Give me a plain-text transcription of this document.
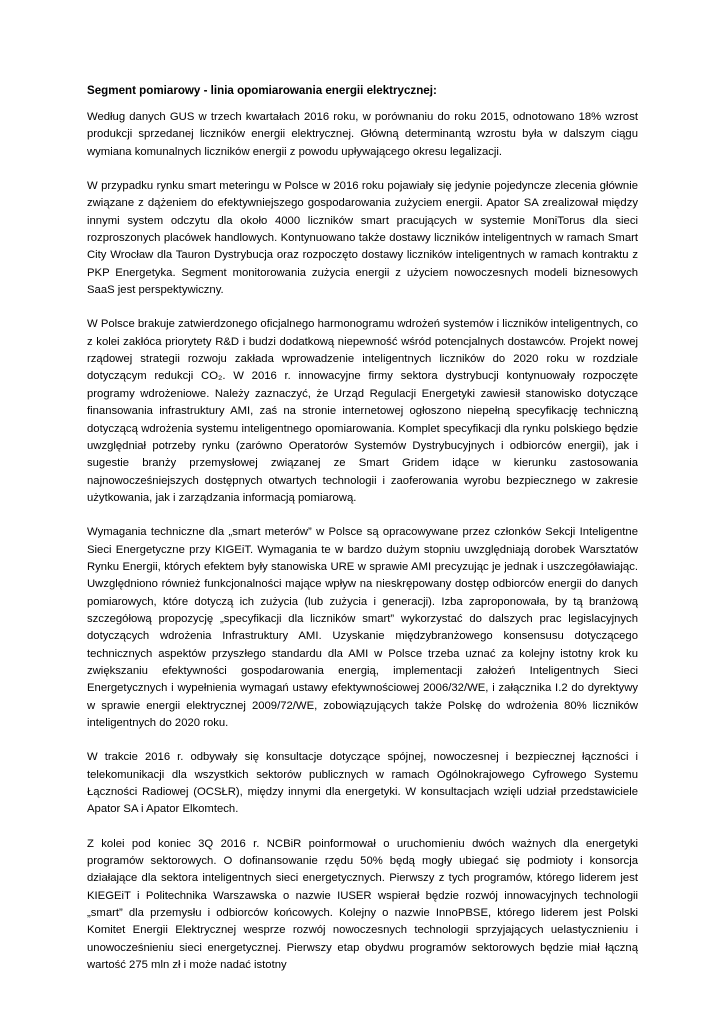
Segment pomiarowy - linia opomiarowania energii elektrycznej:

Według danych GUS w trzech kwartałach 2016 roku, w porównaniu do roku 2015, odnotowano 18% wzrost produkcji sprzedanej liczników energii elektrycznej. Główną determinantą wzrostu była w dalszym ciągu wymiana komunalnych liczników energii z powodu upływającego okresu legalizacji.

W przypadku rynku smart meteringu w Polsce w 2016 roku pojawiały się jedynie pojedyncze zlecenia głównie związane z dążeniem do efektywniejszego gospodarowania zużyciem energii. Apator SA zrealizował między innymi system odczytu dla około 4000 liczników smart pracujących w systemie MoniTorus dla sieci rozproszonych placówek handlowych. Kontynuowano także dostawy liczników inteligentnych w ramach Smart City Wrocław dla Tauron Dystrybucja oraz rozpoczęto dostawy liczników inteligentnych w ramach kontraktu z PKP Energetyka. Segment monitorowania zużycia energii z użyciem nowoczesnych modeli biznesowych SaaS jest perspektywiczny.

W Polsce brakuje zatwierdzonego oficjalnego harmonogramu wdrożeń systemów i liczników inteligentnych, co z kolei zakłóca priorytety R&D i budzi dodatkową niepewność wśród potencjalnych dostawców. Projekt nowej rządowej strategii rozwoju zakłada wprowadzenie inteligentnych liczników do 2020 roku w rozdziale dotyczącym redukcji CO₂. W 2016 r. innowacyjne firmy sektora dystrybucji kontynuowały rozpoczęte programy wdrożeniowe. Należy zaznaczyć, że Urząd Regulacji Energetyki zawiesił stanowisko dotyczące finansowania infrastruktury AMI, zaś na stronie internetowej ogłoszono niepełną specyfikację techniczną dotyczącą wdrożenia systemu inteligentnego opomiarowania. Komplet specyfikacji dla rynku polskiego będzie uwzględniał potrzeby rynku (zarówno Operatorów Systemów Dystrybucyjnych i odbiorców energii), jak i sugestie branży przemysłowej związanej ze Smart Gridem idące w kierunku zastosowania najnowocześniejszych dostępnych otwartych technologii i zaoferowania wyrobu bezpiecznego w zakresie użytkowania, jak i zarządzania informacją pomiarową.

Wymagania techniczne dla „smart meterów” w Polsce są opracowywane przez członków Sekcji Inteligentne Sieci Energetyczne przy KIGEiT. Wymagania te w bardzo dużym stopniu uwzględniają dorobek Warsztatów Rynku Energii, których efektem były stanowiska URE w sprawie AMI precyzując je jednak i uszczegóławiając. Uwzględniono również funkcjonalności mające wpływ na nieskrępowany dostęp odbiorców energii do danych pomiarowych, które dotyczą ich zużycia (lub zużycia i generacji). Izba zaproponowała, by tą branżową szczegółową propozycję „specyfikacji dla liczników smart” wykorzystać do dalszych prac legislacyjnych dotyczących wdrożenia Infrastruktury AMI. Uzyskanie międzybranżowego konsensusu dotyczącego technicznych aspektów przyszłego standardu dla AMI w Polsce trzeba uznać za kolejny istotny krok ku zwiększaniu efektywności gospodarowania energią, implementacji założeń Inteligentnych Sieci Energetycznych i wypełnienia wymagań ustawy efektywnościowej 2006/32/WE, i załącznika I.2 do dyrektywy w sprawie energii elektrycznej 2009/72/WE, zobowiązujących także Polskę do wdrożenia 80% liczników inteligentnych do 2020 roku.

W trakcie 2016 r. odbywały się konsultacje dotyczące spójnej, nowoczesnej i bezpiecznej łączności i telekomunikacji dla wszystkich sektorów publicznych w ramach Ogólnokrajowego Cyfrowego Systemu Łączności Radiowej (OCSŁR), między innymi dla energetyki. W konsultacjach wzięli udział przedstawiciele Apator SA i Apator Elkomtech.

Z kolei pod koniec 3Q 2016 r. NCBiR poinformował o uruchomieniu dwóch ważnych dla energetyki programów sektorowych. O dofinansowanie rzędu 50% będą mogły ubiegać się podmioty i konsorcja działające dla sektora inteligentnych sieci energetycznych. Pierwszy z tych programów, którego liderem jest KIEGEiT i Politechnika Warszawska o nazwie IUSER wspierał będzie rozwój innowacyjnych technologii „smart” dla przemysłu i odbiorców końcowych. Kolejny o nazwie InnoPBSE, którego liderem jest Polski Komitet Energii Elektrycznej wesprze rozwój nowoczesnych technologii sprzyjających uelastycznieniu i unowocześnieniu sieci energetycznej. Pierwszy etap obydwu programów sektorowych będzie miał łączną wartość 275 mln zł i może nadać istotny
